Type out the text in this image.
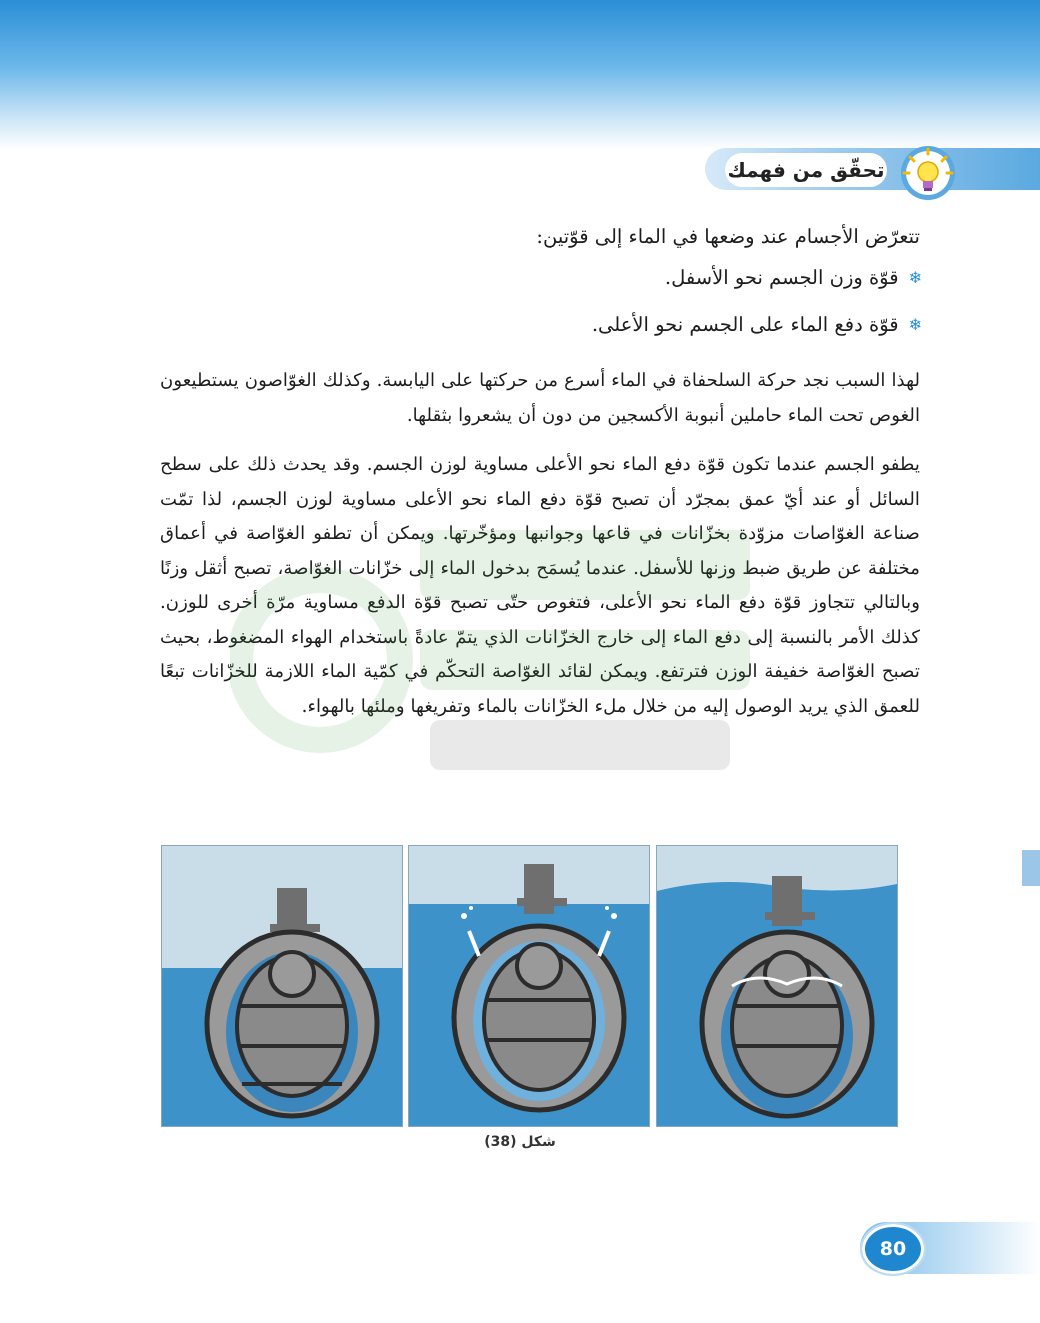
تحقّق من فهمك
تتعرّض الأجسام عند وضعها في الماء إلى قوّتين:
❄
قوّة وزن الجسم نحو الأسفل.
❄
قوّة دفع الماء على الجسم نحو الأعلى.
لهذا السبب نجد حركة السلحفاة في الماء أسرع من حركتها على اليابسة. وكذلك الغوّاصون يستطيعون الغوص تحت الماء حاملين أنبوبة الأكسجين من دون أن يشعروا بثقلها.
يطفو الجسم عندما تكون قوّة دفع الماء نحو الأعلى مساوية لوزن الجسم. وقد يحدث ذلك على سطح السائل أو عند أيّ عمق بمجرّد أن تصبح قوّة دفع الماء نحو الأعلى مساوية لوزن الجسم، لذا تمّت صناعة الغوّاصات مزوّدة بخزّانات في قاعها وجوانبها ومؤخّرتها. ويمكن أن تطفو الغوّاصة في أعماق مختلفة عن طريق ضبط وزنها للأسفل. عندما يُسمَح بدخول الماء إلى خزّانات الغوّاصة، تصبح أثقل وزنًا وبالتالي تتجاوز قوّة دفع الماء نحو الأعلى، فتغوص حتّى تصبح قوّة الدفع مساوية مرّة أخرى للوزن. كذلك الأمر بالنسبة إلى دفع الماء إلى خارج الخزّانات الذي يتمّ عادةً باستخدام الهواء المضغوط، بحيث تصبح الغوّاصة خفيفة الوزن فترتفع. ويمكن لقائد الغوّاصة التحكّم في كمّية الماء اللازمة للخزّانات تبعًا للعمق الذي يريد الوصول إليه من خلال ملء الخزّانات بالماء وتفريغها وملئها بالهواء.
شكل (38)
80
